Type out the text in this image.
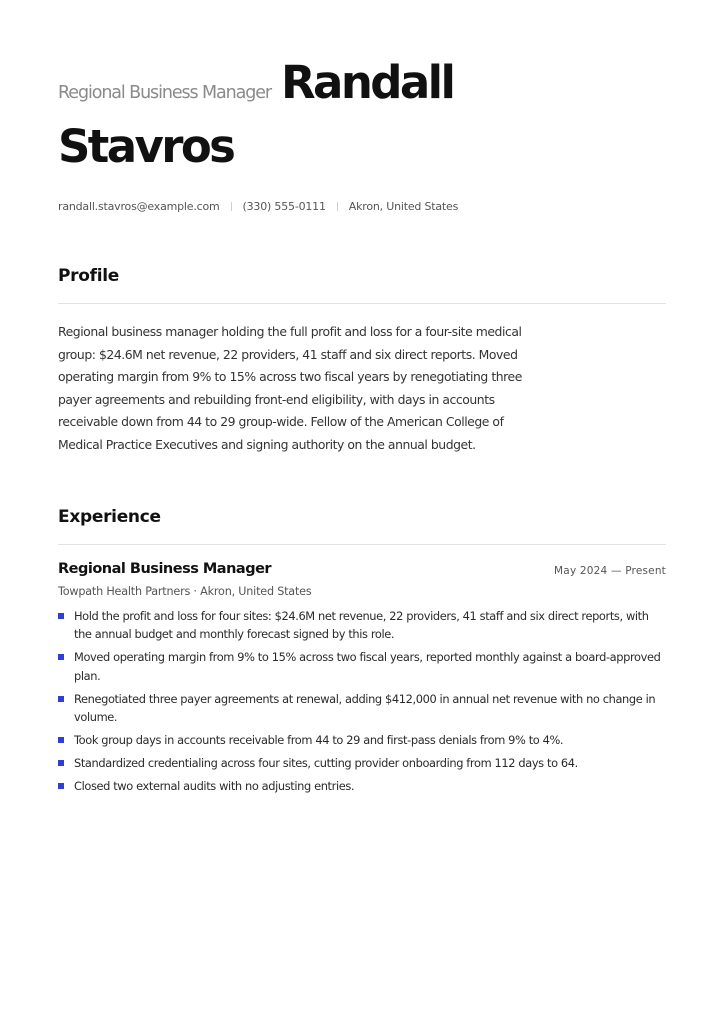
Regional Business Manager Randall
Stavros
randall.stavros@example.com (330) 555-0111 Akron, United States
Profile

Regional business manager holding the full profit and loss for a four-site medical group: $24.6M net revenue, 22 providers, 41 staff and six direct reports. Moved operating margin from 9% to 15% across two fiscal years by renegotiating three payer agreements and rebuilding front-end eligibility, with days in accounts receivable down from 44 to 29 group-wide. Fellow of the American College of Medical Practice Executives and signing authority on the annual budget.

Experience
Regional Business Manager	May 2024 — Present
Towpath Health Partners · Akron, United States
Hold the profit and loss for four sites: $24.6M net revenue, 22 providers, 41 staff and six direct reports, with the annual budget and monthly forecast signed by this role.
Moved operating margin from 9% to 15% across two fiscal years, reported monthly against a board-approved plan.
Renegotiated three payer agreements at renewal, adding $412,000 in annual net revenue with no change in volume.
Took group days in accounts receivable from 44 to 29 and first-pass denials from 9% to 4%.
Standardized credentialing across four sites, cutting provider onboarding from 112 days to 64.
Closed two external audits with no adjusting entries.
